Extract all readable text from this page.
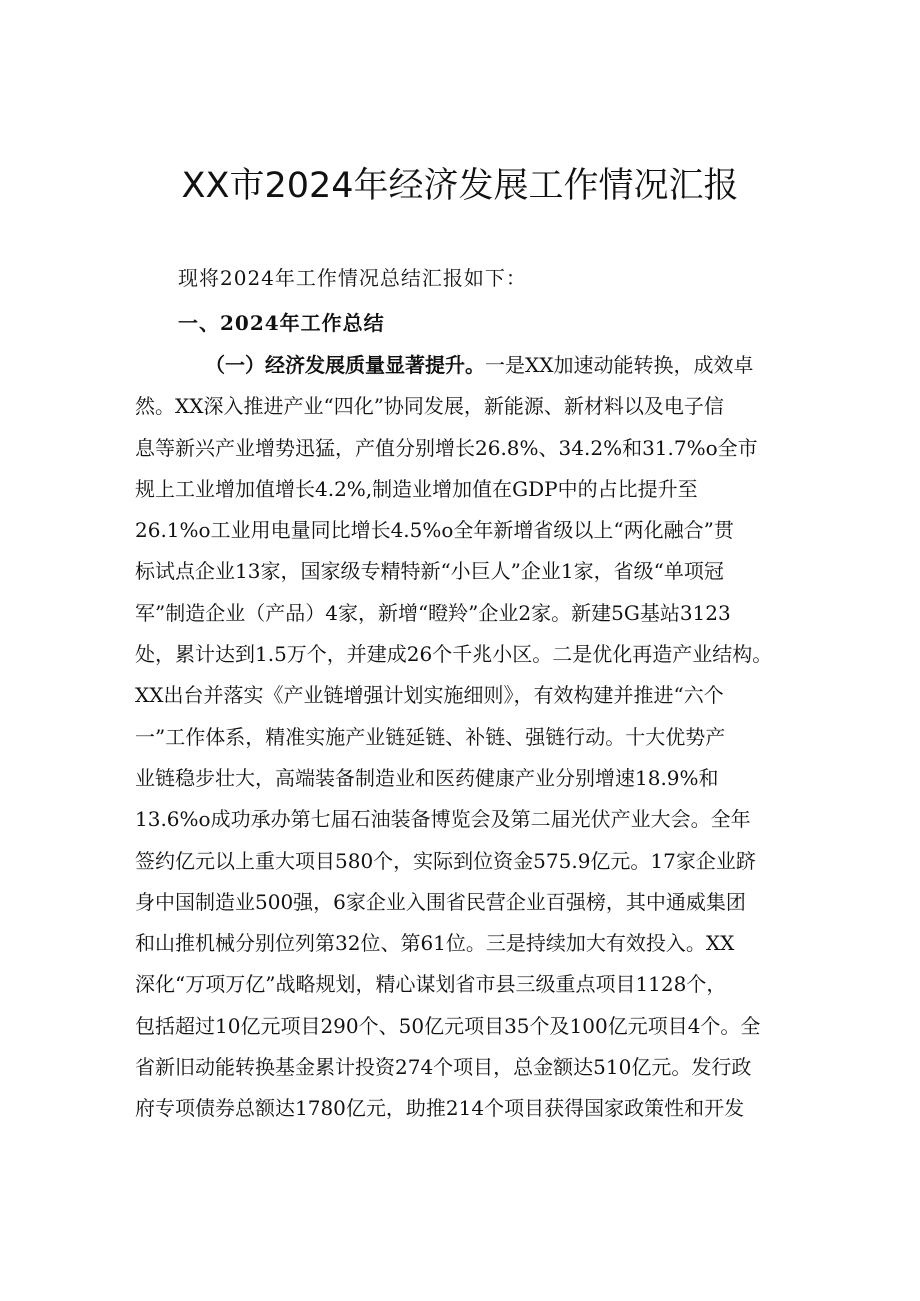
XX市2024年经济发展工作情况汇报
现将2024年工作情况总结汇报如下：
一、2024年工作总结
（一）经济发展质量显著提升。一是XX加速动能转换，成效卓
然。XX深入推进产业“四化”协同发展，新能源、新材料以及电子信
息等新兴产业增势迅猛，产值分别增长26.8%、34.2%和31.7%o全市
规上工业增加值增长4.2%,制造业增加值在GDP中的占比提升至
26.1%o工业用电量同比增长4.5%o全年新增省级以上“两化融合”贯
标试点企业13家，国家级专精特新“小巨人”企业1家，省级“单项冠
军”制造企业（产品）4家，新增“瞪羚”企业2家。新建5G基站3123
处，累计达到1.5万个，并建成26个千兆小区。二是优化再造产业结构。
XX出台并落实《产业链增强计划实施细则》，有效构建并推进“六个
一”工作体系，精准实施产业链延链、补链、强链行动。十大优势产
业链稳步壮大，高端装备制造业和医药健康产业分别增速18.9%和
13.6%o成功承办第七届石油装备博览会及第二届光伏产业大会。全年
签约亿元以上重大项目580个，实际到位资金575.9亿元。17家企业跻
身中国制造业500强，6家企业入围省民营企业百强榜，其中通威集团
和山推机械分别位列第32位、第61位。三是持续加大有效投入。XX
深化“万项万亿”战略规划，精心谋划省市县三级重点项目1128个，
包括超过10亿元项目290个、50亿元项目35个及100亿元项目4个。全
省新旧动能转换基金累计投资274个项目，总金额达510亿元。发行政
府专项债券总额达1780亿元，助推214个项目获得国家政策性和开发
